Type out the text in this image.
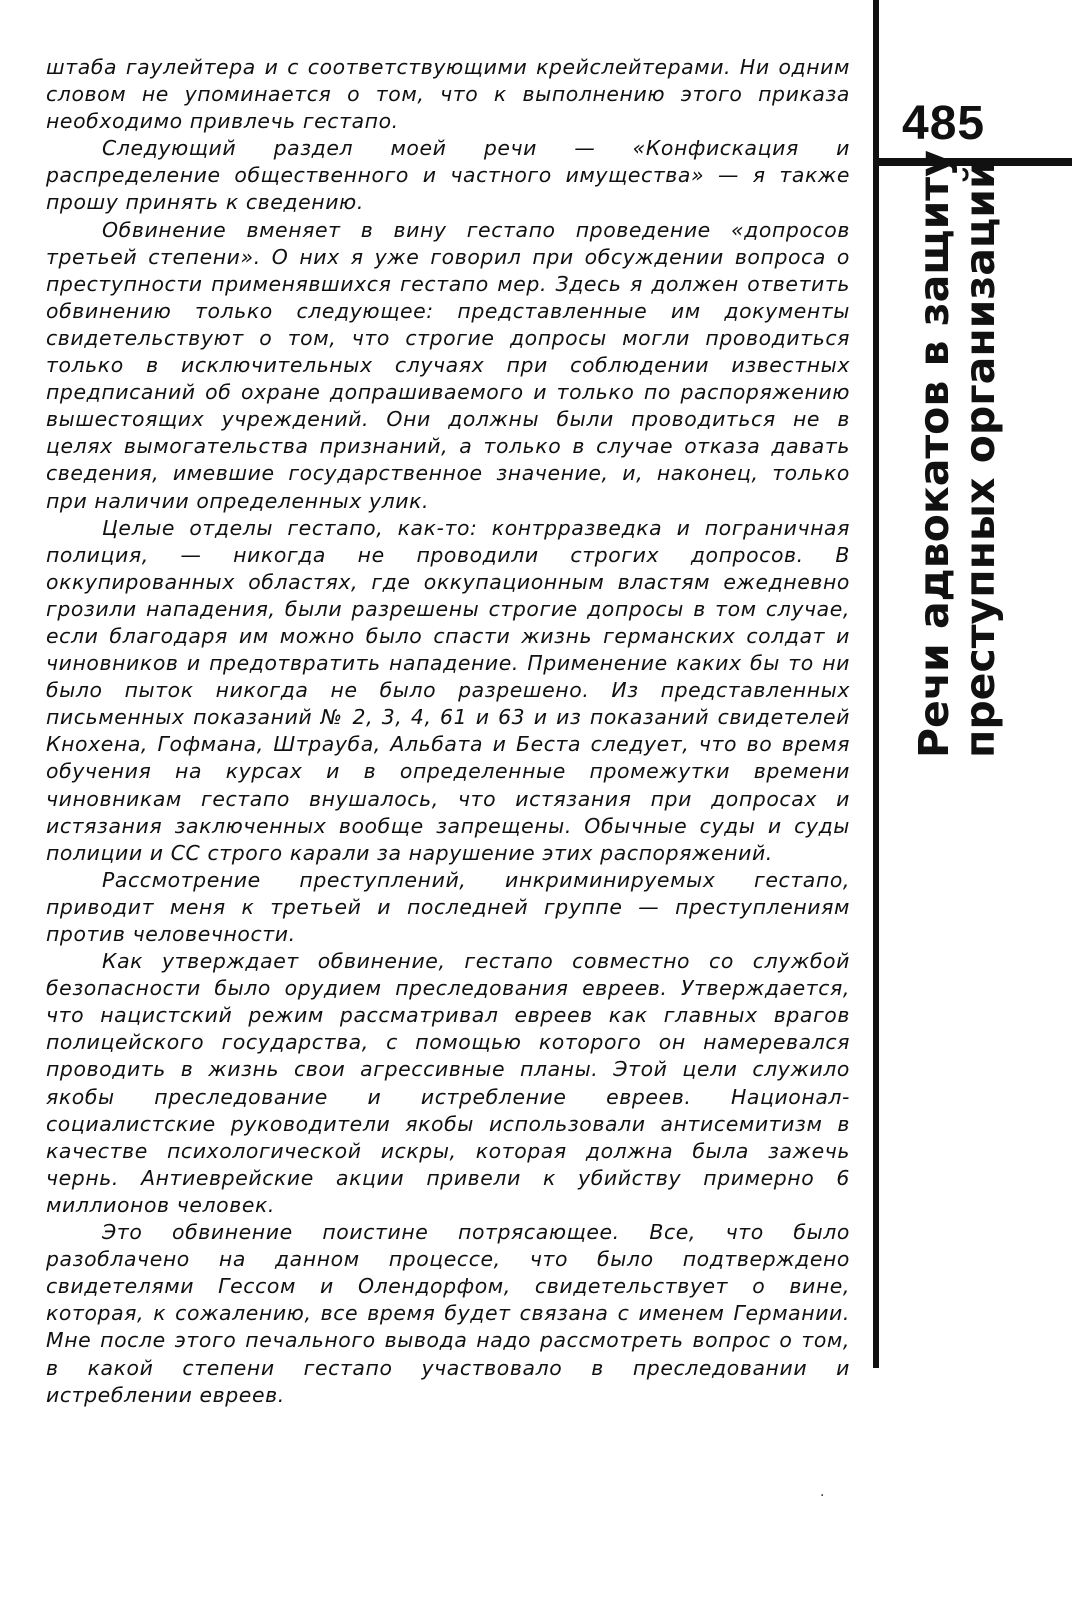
штаба гаулейтера и с соответствующими крейслейтерами. Ни одним словом не упоминается о том, что к выполнению этого приказа необходимо привлечь гестапо.

Следующий раздел моей речи — «Конфискация и распределение общественного и частного имущества» — я также прошу принять к сведению.

Обвинение вменяет в вину гестапо проведение «допросов третьей степени». О них я уже говорил при обсуждении вопроса о преступности применявшихся гестапо мер. Здесь я должен ответить обвинению только следующее: представленные им документы свидетельствуют о том, что строгие допросы могли проводиться только в исключительных случаях при соблюдении известных предписаний об охране допрашиваемого и только по распоряжению вышестоящих учреждений. Они должны были проводиться не в целях вымогательства признаний, а только в случае отказа давать сведения, имевшие государственное значение, и, наконец, только при наличии определенных улик.

Целые отделы гестапо, как-то: контрразведка и пограничная полиция, — никогда не проводили строгих допросов. В оккупированных областях, где оккупационным властям ежедневно грозили нападения, были разрешены строгие допросы в том случае, если благодаря им можно было спасти жизнь германских солдат и чиновников и предотвратить нападение. Применение каких бы то ни было пыток никогда не было разрешено. Из представленных письменных показаний № 2, 3, 4, 61 и 63 и из показаний свидетелей Кнохена, Гофмана, Штрауба, Альбата и Беста следует, что во время обучения на курсах и в определенные промежутки времени чиновникам гестапо внушалось, что истязания при допросах и истязания заключенных вообще запрещены. Обычные суды и суды полиции и СС строго карали за нарушение этих распоряжений.

Рассмотрение преступлений, инкриминируемых гестапо, приводит меня к третьей и последней группе — преступлениям против человечности.

Как утверждает обвинение, гестапо совместно со службой безопасности было орудием преследования евреев. Утверждается, что нацистский режим рассматривал евреев как главных врагов полицейского государства, с помощью которого он намеревался проводить в жизнь свои агрессивные планы. Этой цели служило якобы преследование и истребление евреев. Национал-социалистские руководители якобы использовали антисемитизм в качестве психологической искры, которая должна была зажечь чернь. Антиеврейские акции привели к убийству примерно 6 миллионов человек.

Это обвинение поистине потрясающее. Все, что было разоблачено на данном процессе, что было подтверждено свидетелями Гессом и Олендорфом, свидетельствует о вине, которая, к сожалению, все время будет связана с именем Германии. Мне после этого печального вывода надо рассмотреть вопрос о том, в какой степени гестапо участвовало в преследовании и истреблении евреев.

485
Речи адвокатов в защиту
преступных организаций
·
